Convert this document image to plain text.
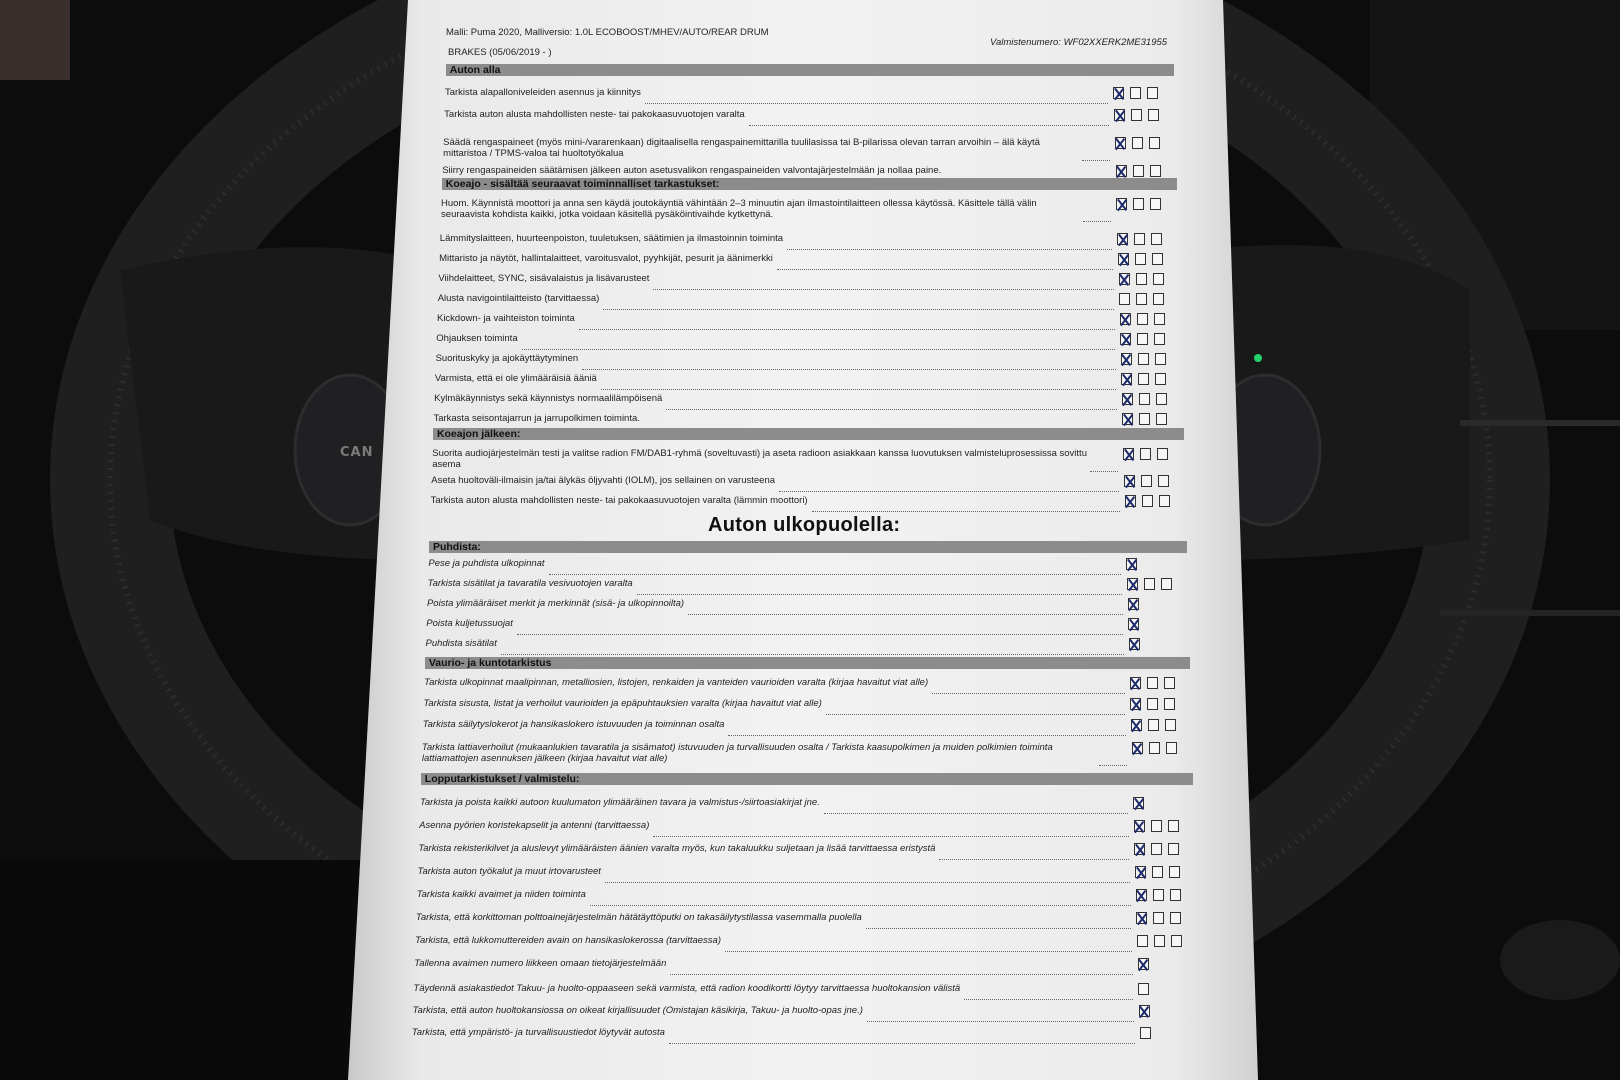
CAN
Malli: Puma 2020, Malliversio: 1.0L ECOBOOST/MHEV/AUTO/REAR DRUM
BRAKES (05/06/2019 - )
Valmistenumero: WF02XXERK2ME31955
Auton ulkopuolella:
Auton alla
Tarkista alapalloniveleiden asennus ja kiinnitys
Tarkista auton alusta mahdollisten neste- tai pakokaasuvuotojen varalta
Säädä rengaspaineet (myös mini-/vararenkaan) digitaalisella rengaspainemittarilla tuulilasissa tai B-pilarissa olevan tarran arvoihin – älä käytä mittaristoa / TPMS-valoa tai huoltotyökalua
Siirry rengaspaineiden säätämisen jälkeen auton asetusvalikon rengaspaineiden valvontajärjestelmään ja nollaa paine.
Koeajo - sisältää seuraavat toiminnalliset tarkastukset:
Huom. Käynnistä moottori ja anna sen käydä joutokäyntiä vähintään 2–3 minuutin ajan ilmastointilaitteen ollessa käytössä. Käsittele tällä välin seuraavista kohdista kaikki, jotka voidaan käsitellä pysäköintivaihde kytkettynä.
Lämmityslaitteen, huurteenpoiston, tuuletuksen, säätimien ja ilmastoinnin toiminta
Mittaristo ja näytöt, hallintalaitteet, varoitusvalot, pyyhkijät, pesurit ja äänimerkki
Viihdelaitteet, SYNC, sisävalaistus ja lisävarusteet
Alusta navigointilaitteisto (tarvittaessa)
Kickdown- ja vaihteiston toiminta
Ohjauksen toiminta
Suorituskyky ja ajokäyttäytyminen
Varmista, että ei ole ylimääräisiä ääniä
Kylmäkäynnistys sekä käynnistys normaalilämpöisenä
Tarkasta seisontajarrun ja jarrupolkimen toiminta.
Koeajon jälkeen:
Suorita audiojärjestelmän testi ja valitse radion FM/DAB1-ryhmä (soveltuvasti) ja aseta radioon asiakkaan kanssa luovutuksen valmisteluprosessissa sovittu asema
Aseta huoltoväli-ilmaisin ja/tai älykäs öljyvahti (IOLM), jos sellainen on varusteena
Tarkista auton alusta mahdollisten neste- tai pakokaasuvuotojen varalta (lämmin moottori)
Puhdista:
Pese ja puhdista ulkopinnat
Tarkista sisätilat ja tavaratila vesivuotojen varalta
Poista ylimääräiset merkit ja merkinnät (sisä- ja ulkopinnoilta)
Poista kuljetussuojat
Puhdista sisätilat
Vaurio- ja kuntotarkistus
Tarkista ulkopinnat maalipinnan, metalliosien, listojen, renkaiden ja vanteiden vaurioiden varalta (kirjaa havaitut viat alle)
Tarkista sisusta, listat ja verhoilut vaurioiden ja epäpuhtauksien varalta (kirjaa havaitut viat alle)
Tarkista säilytyslokerot ja hansikaslokero istuvuuden ja toiminnan osalta
Tarkista lattiaverhoilut (mukaanlukien tavaratila ja sisämatot) istuvuuden ja turvallisuuden osalta / Tarkista kaasupolkimen ja muiden polkimien toiminta lattiamattojen asennuksen jälkeen (kirjaa havaitut viat alle)
Lopputarkistukset / valmistelu:
Tarkista ja poista kaikki autoon kuulumaton ylimääräinen tavara ja valmistus-/siirtoasiakirjat jne.
Asenna pyörien koristekapselit ja antenni (tarvittaessa)
Tarkista rekisterikilvet ja aluslevyt ylimääräisten äänien varalta myös, kun takaluukku suljetaan ja lisää tarvittaessa eristystä
Tarkista auton työkalut ja muut irtovarusteet
Tarkista kaikki avaimet ja niiden toiminta
Tarkista, että korkittoman polttoainejärjestelmän hätätäyttöputki on takasäilytystilassa vasemmalla puolella
Tarkista, että lukkomuttereiden avain on hansikaslokerossa (tarvittaessa)
Tallenna avaimen numero liikkeen omaan tietojärjestelmään
Täydennä asiakastiedot Takuu- ja huolto-oppaaseen sekä varmista, että radion koodikortti löytyy tarvittaessa huoltokansion välistä
Tarkista, että auton huoltokansiossa on oikeat kirjallisuudet (Omistajan käsikirja, Takuu- ja huolto-opas jne.)
Tarkista, että ympäristö- ja turvallisuustiedot löytyvät autosta
